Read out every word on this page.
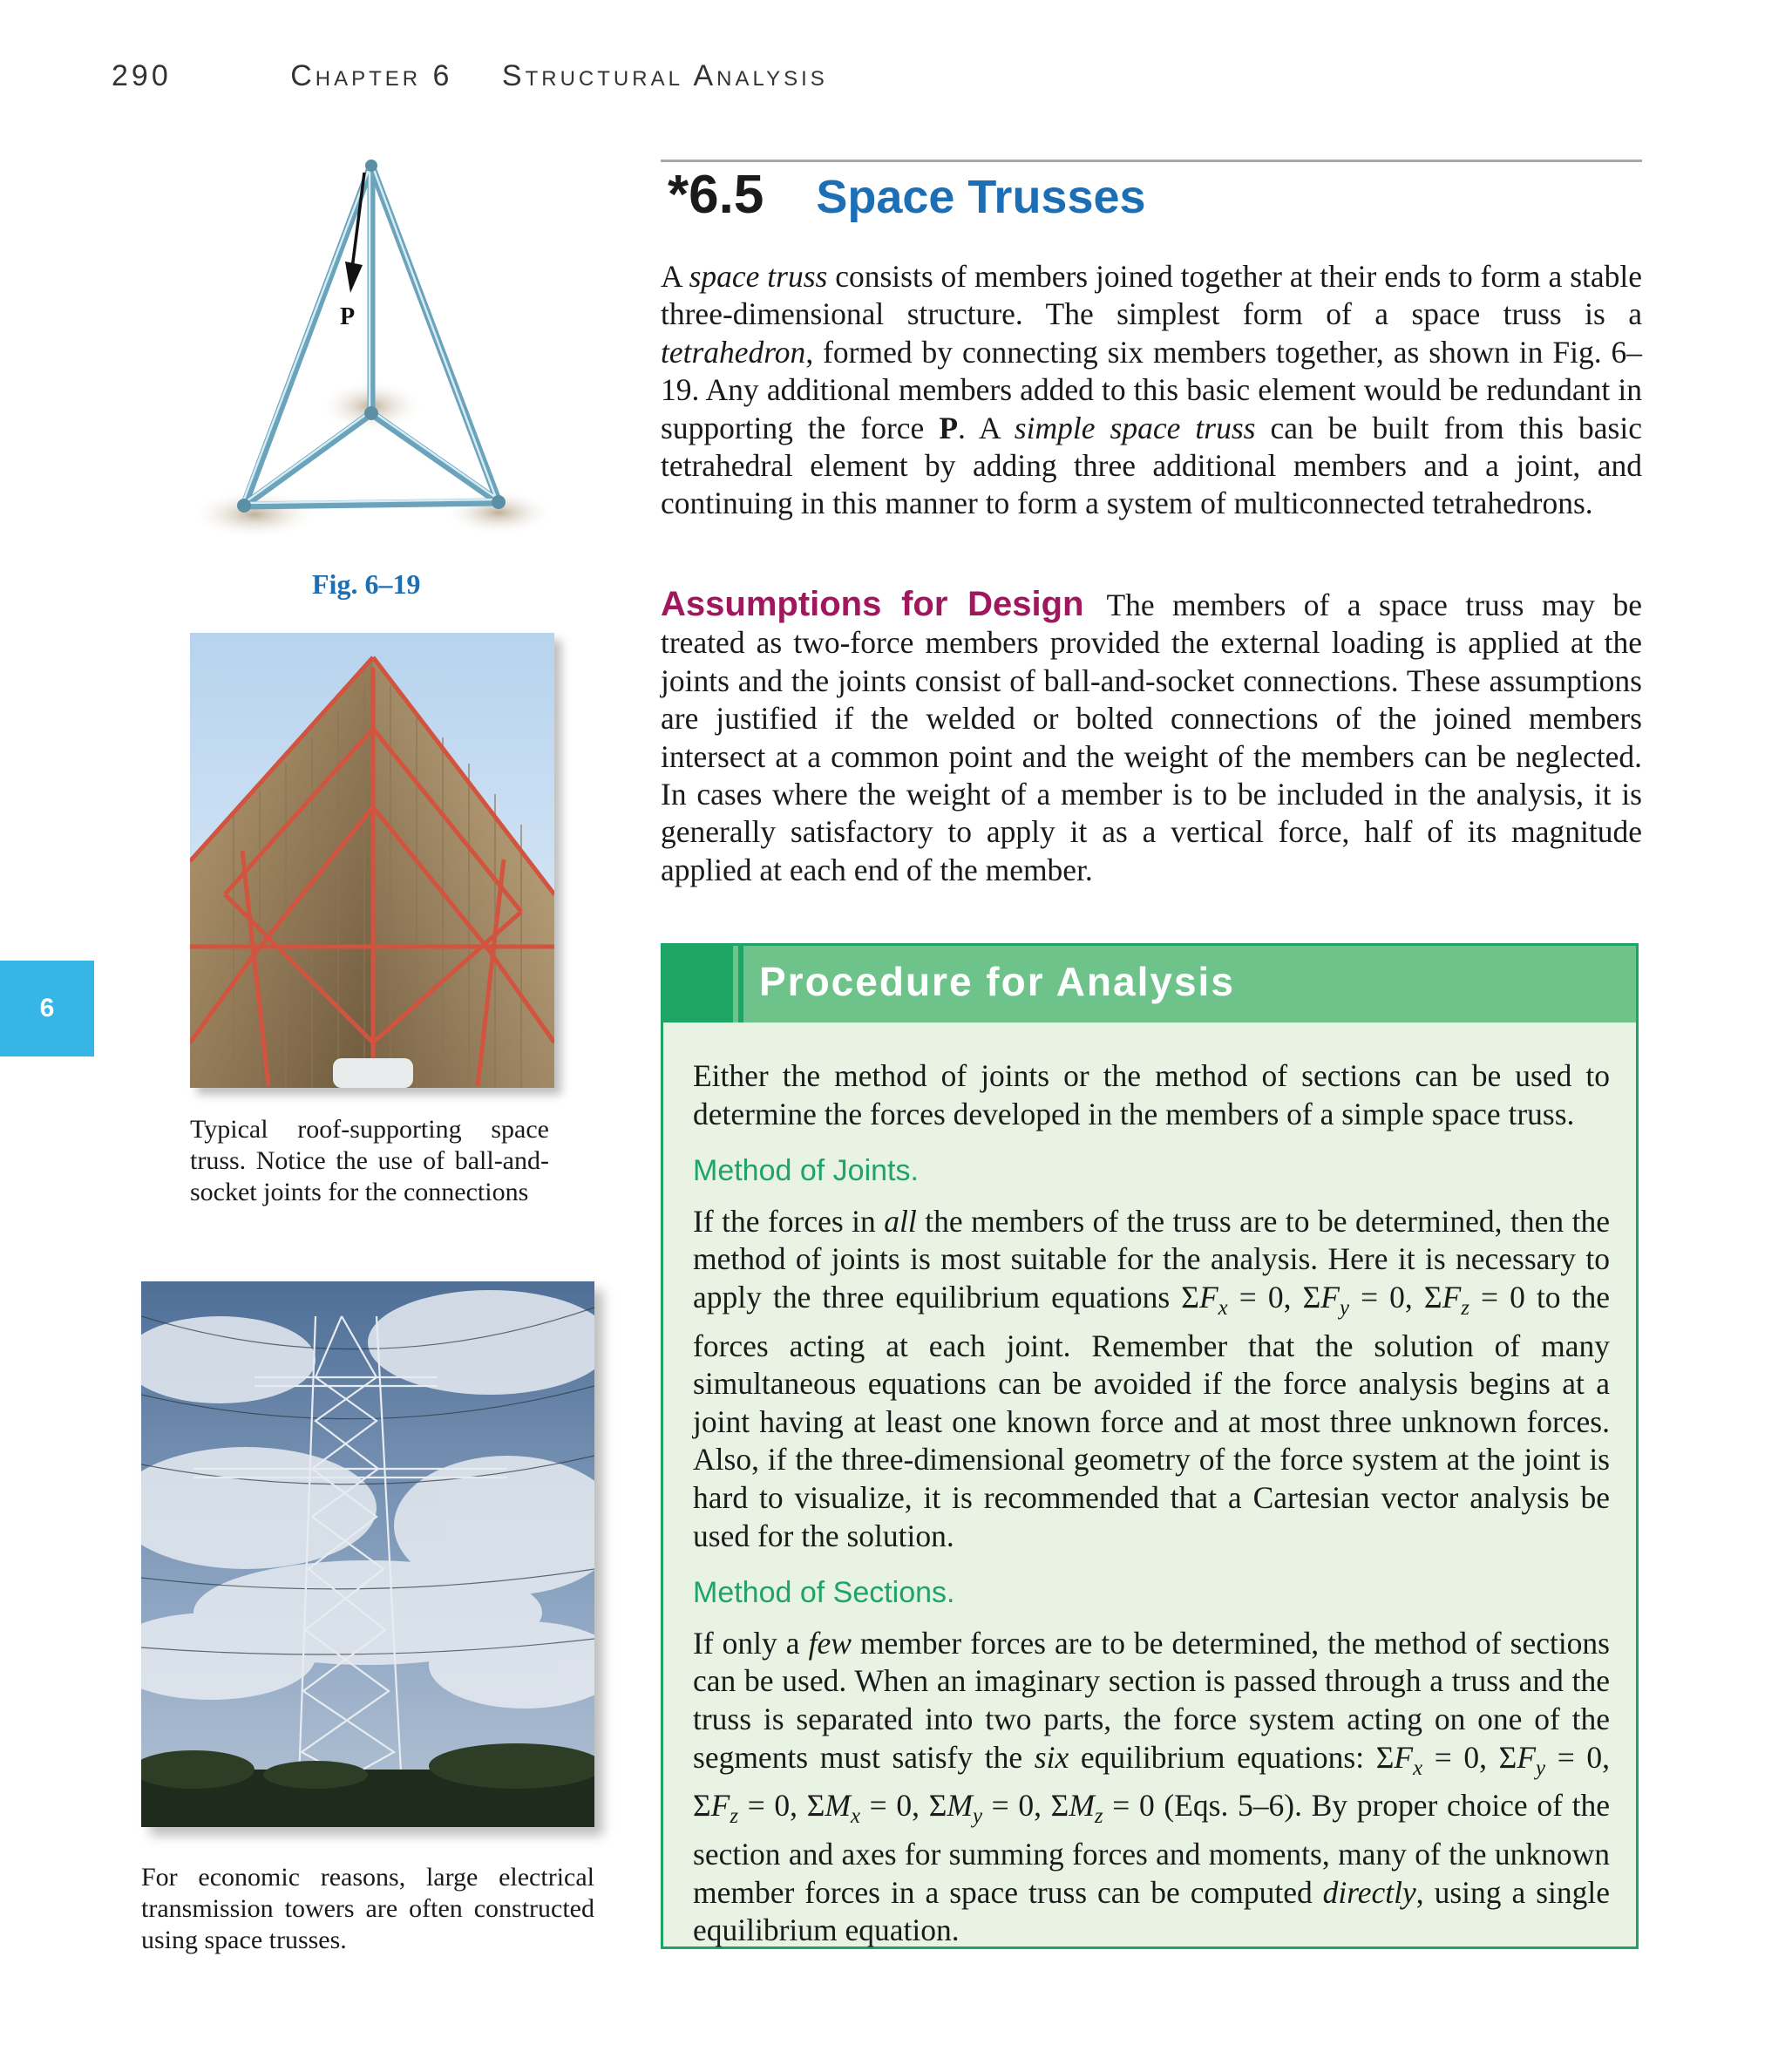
290	Chapter 6 Structural Analysis
6
*6.5 Space Trusses

A space truss consists of members joined together at their ends to form a stable three-dimensional structure. The simplest form of a space truss is a tetrahedron, formed by connecting six members together, as shown in Fig. 6–19. Any additional members added to this basic element would be redundant in supporting the force P. A simple space truss can be built from this basic tetrahedral element by adding three additional members and a joint, and continuing in this manner to form a system of multiconnected tetrahedrons.

Assumptions for Design The members of a space truss may be treated as two-force members provided the external loading is applied at the joints and the joints consist of ball-and-socket connections. These assumptions are justified if the welded or bolted connections of the joined members intersect at a common point and the weight of the members can be neglected. In cases where the weight of a member is to be included in the analysis, it is generally satisfactory to apply it as a vertical force, half of its magnitude applied at each end of the member.

Procedure for Analysis

Either the method of joints or the method of sections can be used to determine the forces developed in the members of a simple space truss.

Method of Joints.

If the forces in all the members of the truss are to be determined, then the method of joints is most suitable for the analysis. Here it is necessary to apply the three equilibrium equations $\Sigma F_x = 0$, $\Sigma F_y = 0$, $\Sigma F_z = 0$ to the forces acting at each joint. Remember that the solution of many simultaneous equations can be avoided if the force analysis begins at a joint having at least one known force and at most three unknown forces. Also, if the three-dimensional geometry of the force system at the joint is hard to visualize, it is recommended that a Cartesian vector analysis be used for the solution.

Method of Sections.

If only a few member forces are to be determined, the method of sections can be used. When an imaginary section is passed through a truss and the truss is separated into two parts, the force system acting on one of the segments must satisfy the six equilibrium equations: $\Sigma F_x = 0$, $\Sigma F_y = 0$, $\Sigma F_z = 0$, $\Sigma M_x = 0$, $\Sigma M_y = 0$, $\Sigma M_z = 0$ (Eqs. 5–6). By proper choice of the section and axes for summing forces and moments, many of the unknown member forces in a space truss can be computed directly, using a single equilibrium equation.

P
Fig. 6–19
Typical roof-supporting space truss. Notice the use of ball-and-socket joints for the connections
For economic reasons, large electrical transmission towers are often constructed using space trusses.
